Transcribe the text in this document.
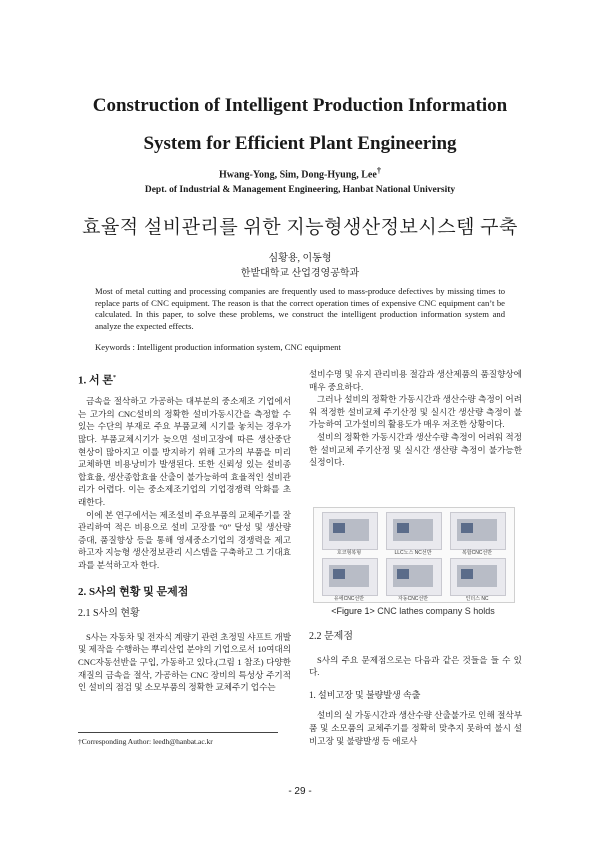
Construction of Intelligent Production Information
System for Efficient Plant Engineering
Hwang-Yong, Sim, Dong-Hyung, Lee†
Dept. of Industrial & Management Engineering, Hanbat National University
효율적 설비관리를 위한 지능형생산정보시스템 구축
심황용, 이동형
한밭대학교 산업경영공학과
Most of metal cutting and processing companies are frequently used to mass-produce defectives by missing times to replace parts of CNC equipment. The reason is that the correct operation times of expensive CNC equipment can’t be calculated. In this paper, to solve these problems, we construct the intelligent production information system and analyze the expected effects.
Keywords : Intelligent production information system, CNC equipment
1. 서 론*

금속을 절삭하고 가공하는 대부분의 중소제조 기업에서는 고가의 CNC설비의 정확한 설비가동시간을 측정할 수 있는 수단의 부재로 주요 부품교체 시기를 놓치는 경우가 많다. 부품교체시기가 늦으면 설비고장에 따른 생산중단 현상이 많아지고 이를 방지하기 위해 고가의 부품을 미리 교체하면 비용낭비가 발생된다. 또한 신뢰성 있는 설비종합효율, 생산종합효율 산출이 불가능하여 효율적인 설비관리가 어렵다. 이는 중소제조기업의 기업경쟁력 악화를 초래한다.

이에 본 연구에서는 제조설비 주요부품의 교체주기를 잘 관리하여 적은 비용으로 설비 고장률 “0” 달성 및 생산량 증대, 품질향상 등을 통해 영세중소기업의 경쟁력을 제고하고자 지능형 생산정보관리 시스템을 구축하고 그 기대효과를 분석하고자 한다.

2. S사의 현황 및 문제점
2.1 S사의 현황

S사는 자동차 및 전자식 계량기 관련 초정밀 샤프트 개발 및 제작을 수행하는 뿌리산업 분야의 기업으로서 10여대의 CNC자동선반을 구입, 가동하고 있다.(그림 1 참조) 다양한 재질의 금속을 절삭, 가공하는 CNC 장비의 특성상 주기적인 설비의 점검 및 소모부품의 정확한 교체주기 업수는

†Corresponding Author: leedh@hanbat.ac.kr

설비수명 및 유지 관리비용 절감과 생산제품의 품질향상에 매우 중요하다.

그러나 설비의 정확한 가동시간과 생산수량 측정이 어려워 적정한 설비교체 주기산정 및 실시간 생산량 측정이 불가능하여 고가설비의 활용도가 매우 저조한 상황이다.

설비의 정확한 가동시간과 생산수량 측정이 어려워 적정한 설비교체 주기산정 및 실시간 생산량 측정이 불가능한 실정이다.

호코형복형	LLC노스 NC선반	복합CNC선반
유에CNC선반	자동CNC선반	인더스 NC
<Figure 1> CNC lathes company S holds
2.2 문제점

S사의 주요 문제점으로는 다음과 같은 것들을 들 수 있다.

1. 설비고장 및 불량발생 속출

설비의 실 가동시간과 생산수량 산출불가로 인해 절삭부품 및 소모품의 교체주기를 정확히 맞추지 못하여 불시 설비고장 및 불량발생 등 애로사

- 29 -
